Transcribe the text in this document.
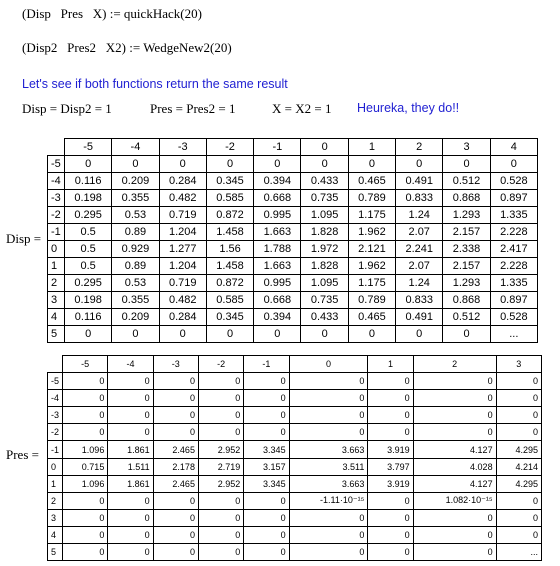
(Disp   Pres   X) := quickHack(20)
(Disp2   Pres2   X2) := WedgeNew2(20)
Let's see if both functions return the same result
Disp = Disp2 = 1	Pres = Pres2 = 1	X = X2 = 1 Heureka, they do!!
Disp =
	-5	-4	-3	-2	-1	0	1	2	3	4
-5	0	0	0	0	0	0	0	0	0	0
-4	0.116	0.209	0.284	0.345	0.394	0.433	0.465	0.491	0.512	0.528
-3	0.198	0.355	0.482	0.585	0.668	0.735	0.789	0.833	0.868	0.897
-2	0.295	0.53	0.719	0.872	0.995	1.095	1.175	1.24	1.293	1.335
-1	0.5	0.89	1.204	1.458	1.663	1.828	1.962	2.07	2.157	2.228
0	0.5	0.929	1.277	1.56	1.788	1.972	2.121	2.241	2.338	2.417
1	0.5	0.89	1.204	1.458	1.663	1.828	1.962	2.07	2.157	2.228
2	0.295	0.53	0.719	0.872	0.995	1.095	1.175	1.24	1.293	1.335
3	0.198	0.355	0.482	0.585	0.668	0.735	0.789	0.833	0.868	0.897
4	0.116	0.209	0.284	0.345	0.394	0.433	0.465	0.491	0.512	0.528
5	0	0	0	0	0	0	0	0	0	...
Pres =
	-5	-4	-3	-2	-1	0	1	2	3
-5	0	0	0	0	0	0	0	0	0
-4	0	0	0	0	0	0	0	0	0
-3	0	0	0	0	0	0	0	0	0
-2	0	0	0	0	0	0	0	0	0
-1	1.096	1.861	2.465	2.952	3.345	3.663	3.919	4.127	4.295
0	0.715	1.511	2.178	2.719	3.157	3.511	3.797	4.028	4.214
1	1.096	1.861	2.465	2.952	3.345	3.663	3.919	4.127	4.295
2	0	0	0	0	0	-1.11·10⁻¹⁵	0	1.082·10⁻¹⁵	0
3	0	0	0	0	0	0	0	0	0
4	0	0	0	0	0	0	0	0	0
5	0	0	0	0	0	0	0	0	...
